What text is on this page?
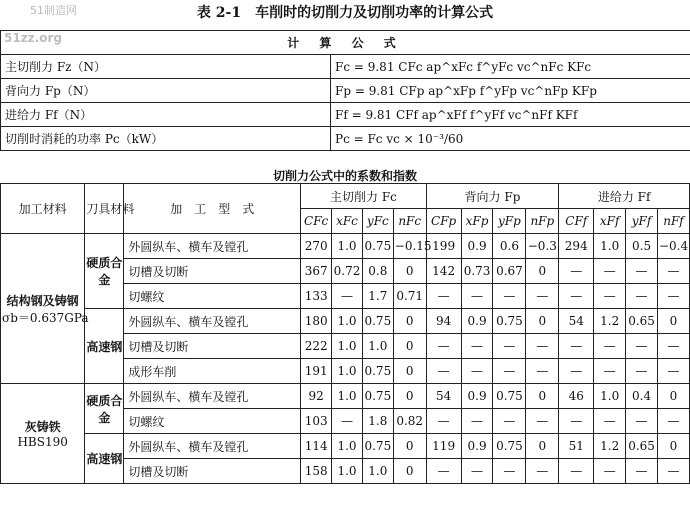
51制造网
51zz.org
表 2-1　车削时的切削力及切削功率的计算公式
计 算 公 式	
主切削力 Fz（N）	Fc = 9.81 CFc ap^xFc f^yFc vc^nFc KFc
背向力 Fp（N）	Fp = 9.81 CFp ap^xFp f^yFp vc^nFp KFp
进给力 Ff（N）	Ff = 9.81 CFf ap^xFf f^yFf vc^nFf KFf
切削时消耗的功率 Pc（kW）	Pc = Fc vc × 10⁻³/60
切削力公式中的系数和指数
加工材料	刀具材料	加　工　型　式	主切削力 Fc				背向力 Fp				进给力 Ff			
			CFc	xFc	yFc	nFc	CFp	xFp	yFp	nFp	CFf	xFf	yFf	nFf

结构钢及铸钢
σb＝0.637GPa	硬质合金	外圆纵车、横车及镗孔	270	1.0	0.75	−0.15	199	0.9	0.6	−0.3	294	1.0	0.5	−0.4
		切槽及切断	367	0.72	0.8	0	142	0.73	0.67	0	—	—	—	—
		切螺纹	133	—	1.7	0.71	—	—	—	—	—	—	—	—
	高速钢	外圆纵车、横车及镗孔	180	1.0	0.75	0	94	0.9	0.75	0	54	1.2	0.65	0
		切槽及切断	222	1.0	1.0	0	—	—	—	—	—	—	—	—
		成形车削	191	1.0	0.75	0	—	—	—	—	—	—	—	—

灰铸铁
HBS190	硬质合金	外圆纵车、横车及镗孔	92	1.0	0.75	0	54	0.9	0.75	0	46	1.0	0.4	0
		切螺纹	103	—	1.8	0.82	—	—	—	—	—	—	—	—
	高速钢	外圆纵车、横车及镗孔	114	1.0	0.75	0	119	0.9	0.75	0	51	1.2	0.65	0
		切槽及切断	158	1.0	1.0	0	—	—	—	—	—	—	—	—
